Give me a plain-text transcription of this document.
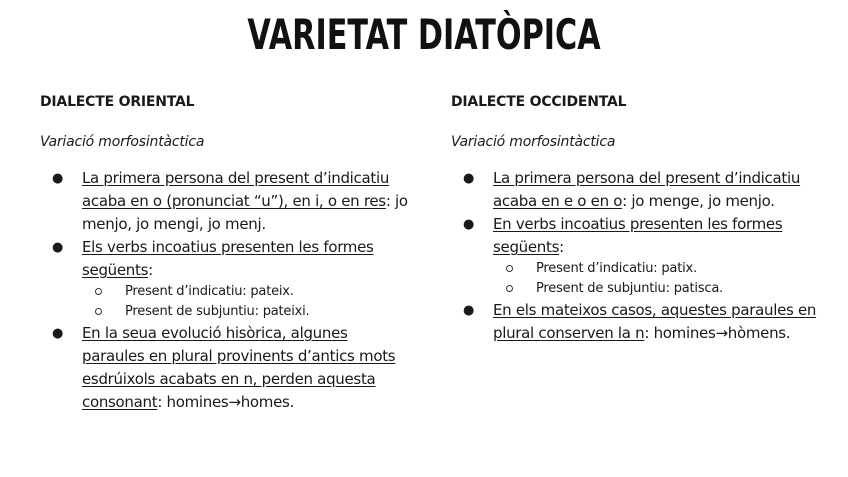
VARIETAT DIATÒPICA
DIALECTE ORIENTAL
Variació morfosintàctica
● La primera persona del present d’indicatiu acaba en o (pronunciat “u”), en i, o en res: jo menjo, jo mengi, jo menj.
● Els verbs incoatius presenten les formes següents:
Present d’indicatiu: pateix.
Present de subjuntiu: pateixi.
● En la seua evolució hisòrica, algunes paraules en plural provinents d’antics mots esdrúixols acabats en n, perden aquesta consonant: homines→homes.
DIALECTE OCCIDENTAL
Variació morfosintàctica
● La primera persona del present d’indicatiu acaba en e o en o: jo menge, jo menjo.
● En verbs incoatius presenten les formes següents:
Present d’indicatiu: patix.
Present de subjuntiu: patisca.
● En els mateixos casos, aquestes paraules en plural conserven la n: homines→hòmens.
